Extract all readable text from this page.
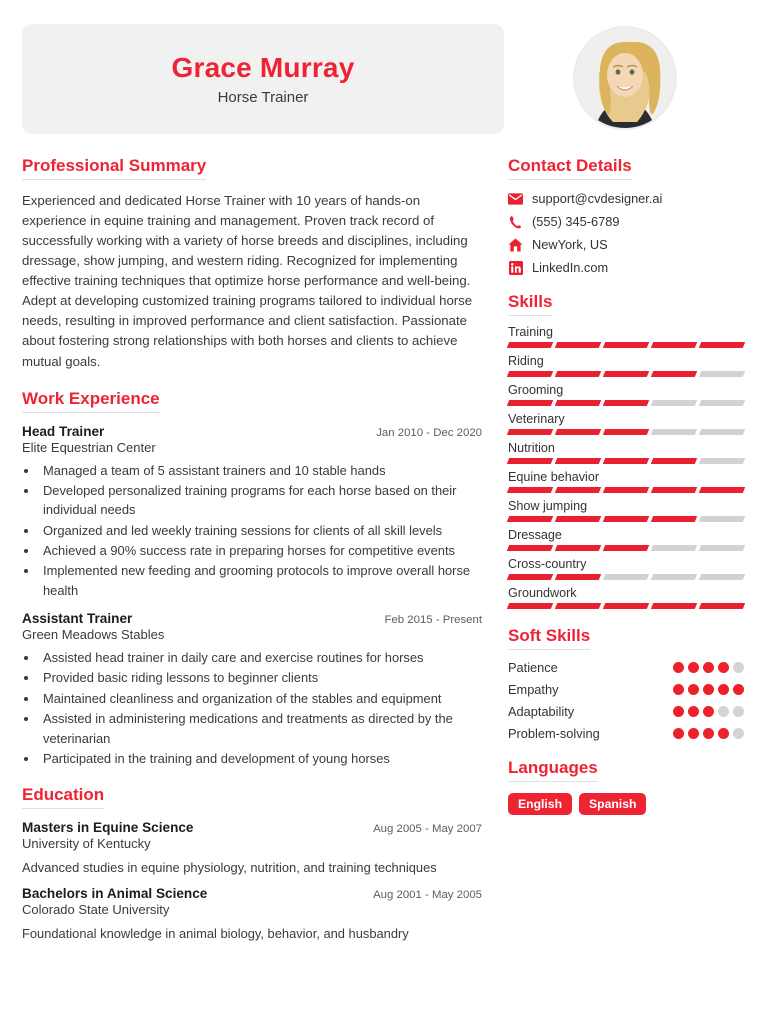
Grace Murray
Horse Trainer
Professional Summary

Experienced and dedicated Horse Trainer with 10 years of hands-on experience in equine training and management. Proven track record of successfully working with a variety of horse breeds and disciplines, including dressage, show jumping, and western riding. Recognized for implementing effective training techniques that optimize horse performance and well-being. Adept at developing customized training programs tailored to individual horse needs, resulting in improved performance and client satisfaction. Passionate about fostering strong relationships with both horses and clients to achieve mutual goals.

Work Experience
Head Trainer	Jan 2010 - Dec 2020
Elite Equestrian Center
• Managed a team of 5 assistant trainers and 10 stable hands
• Developed personalized training programs for each horse based on their individual needs
• Organized and led weekly training sessions for clients of all skill levels
• Achieved a 90% success rate in preparing horses for competitive events
• Implemented new feeding and grooming protocols to improve overall horse health
Assistant Trainer	Feb 2015 - Present
Green Meadows Stables
• Assisted head trainer in daily care and exercise routines for horses
• Provided basic riding lessons to beginner clients
• Maintained cleanliness and organization of the stables and equipment
• Assisted in administering medications and treatments as directed by the veterinarian
• Participated in the training and development of young horses
Education
Masters in Equine Science	Aug 2005 - May 2007
University of Kentucky
Advanced studies in equine physiology, nutrition, and training techniques
Bachelors in Animal Science	Aug 2001 - May 2005
Colorado State University
Foundational knowledge in animal biology, behavior, and husbandry
Contact Details
support@cvdesigner.ai
(555) 345-6789
NewYork, US
LinkedIn.com
Skills
Training
Riding
Grooming
Veterinary
Nutrition
Equine behavior
Show jumping
Dressage
Cross-country
Groundwork
Soft Skills
Patience
Empathy
Adaptability
Problem-solving
Languages
English	Spanish
